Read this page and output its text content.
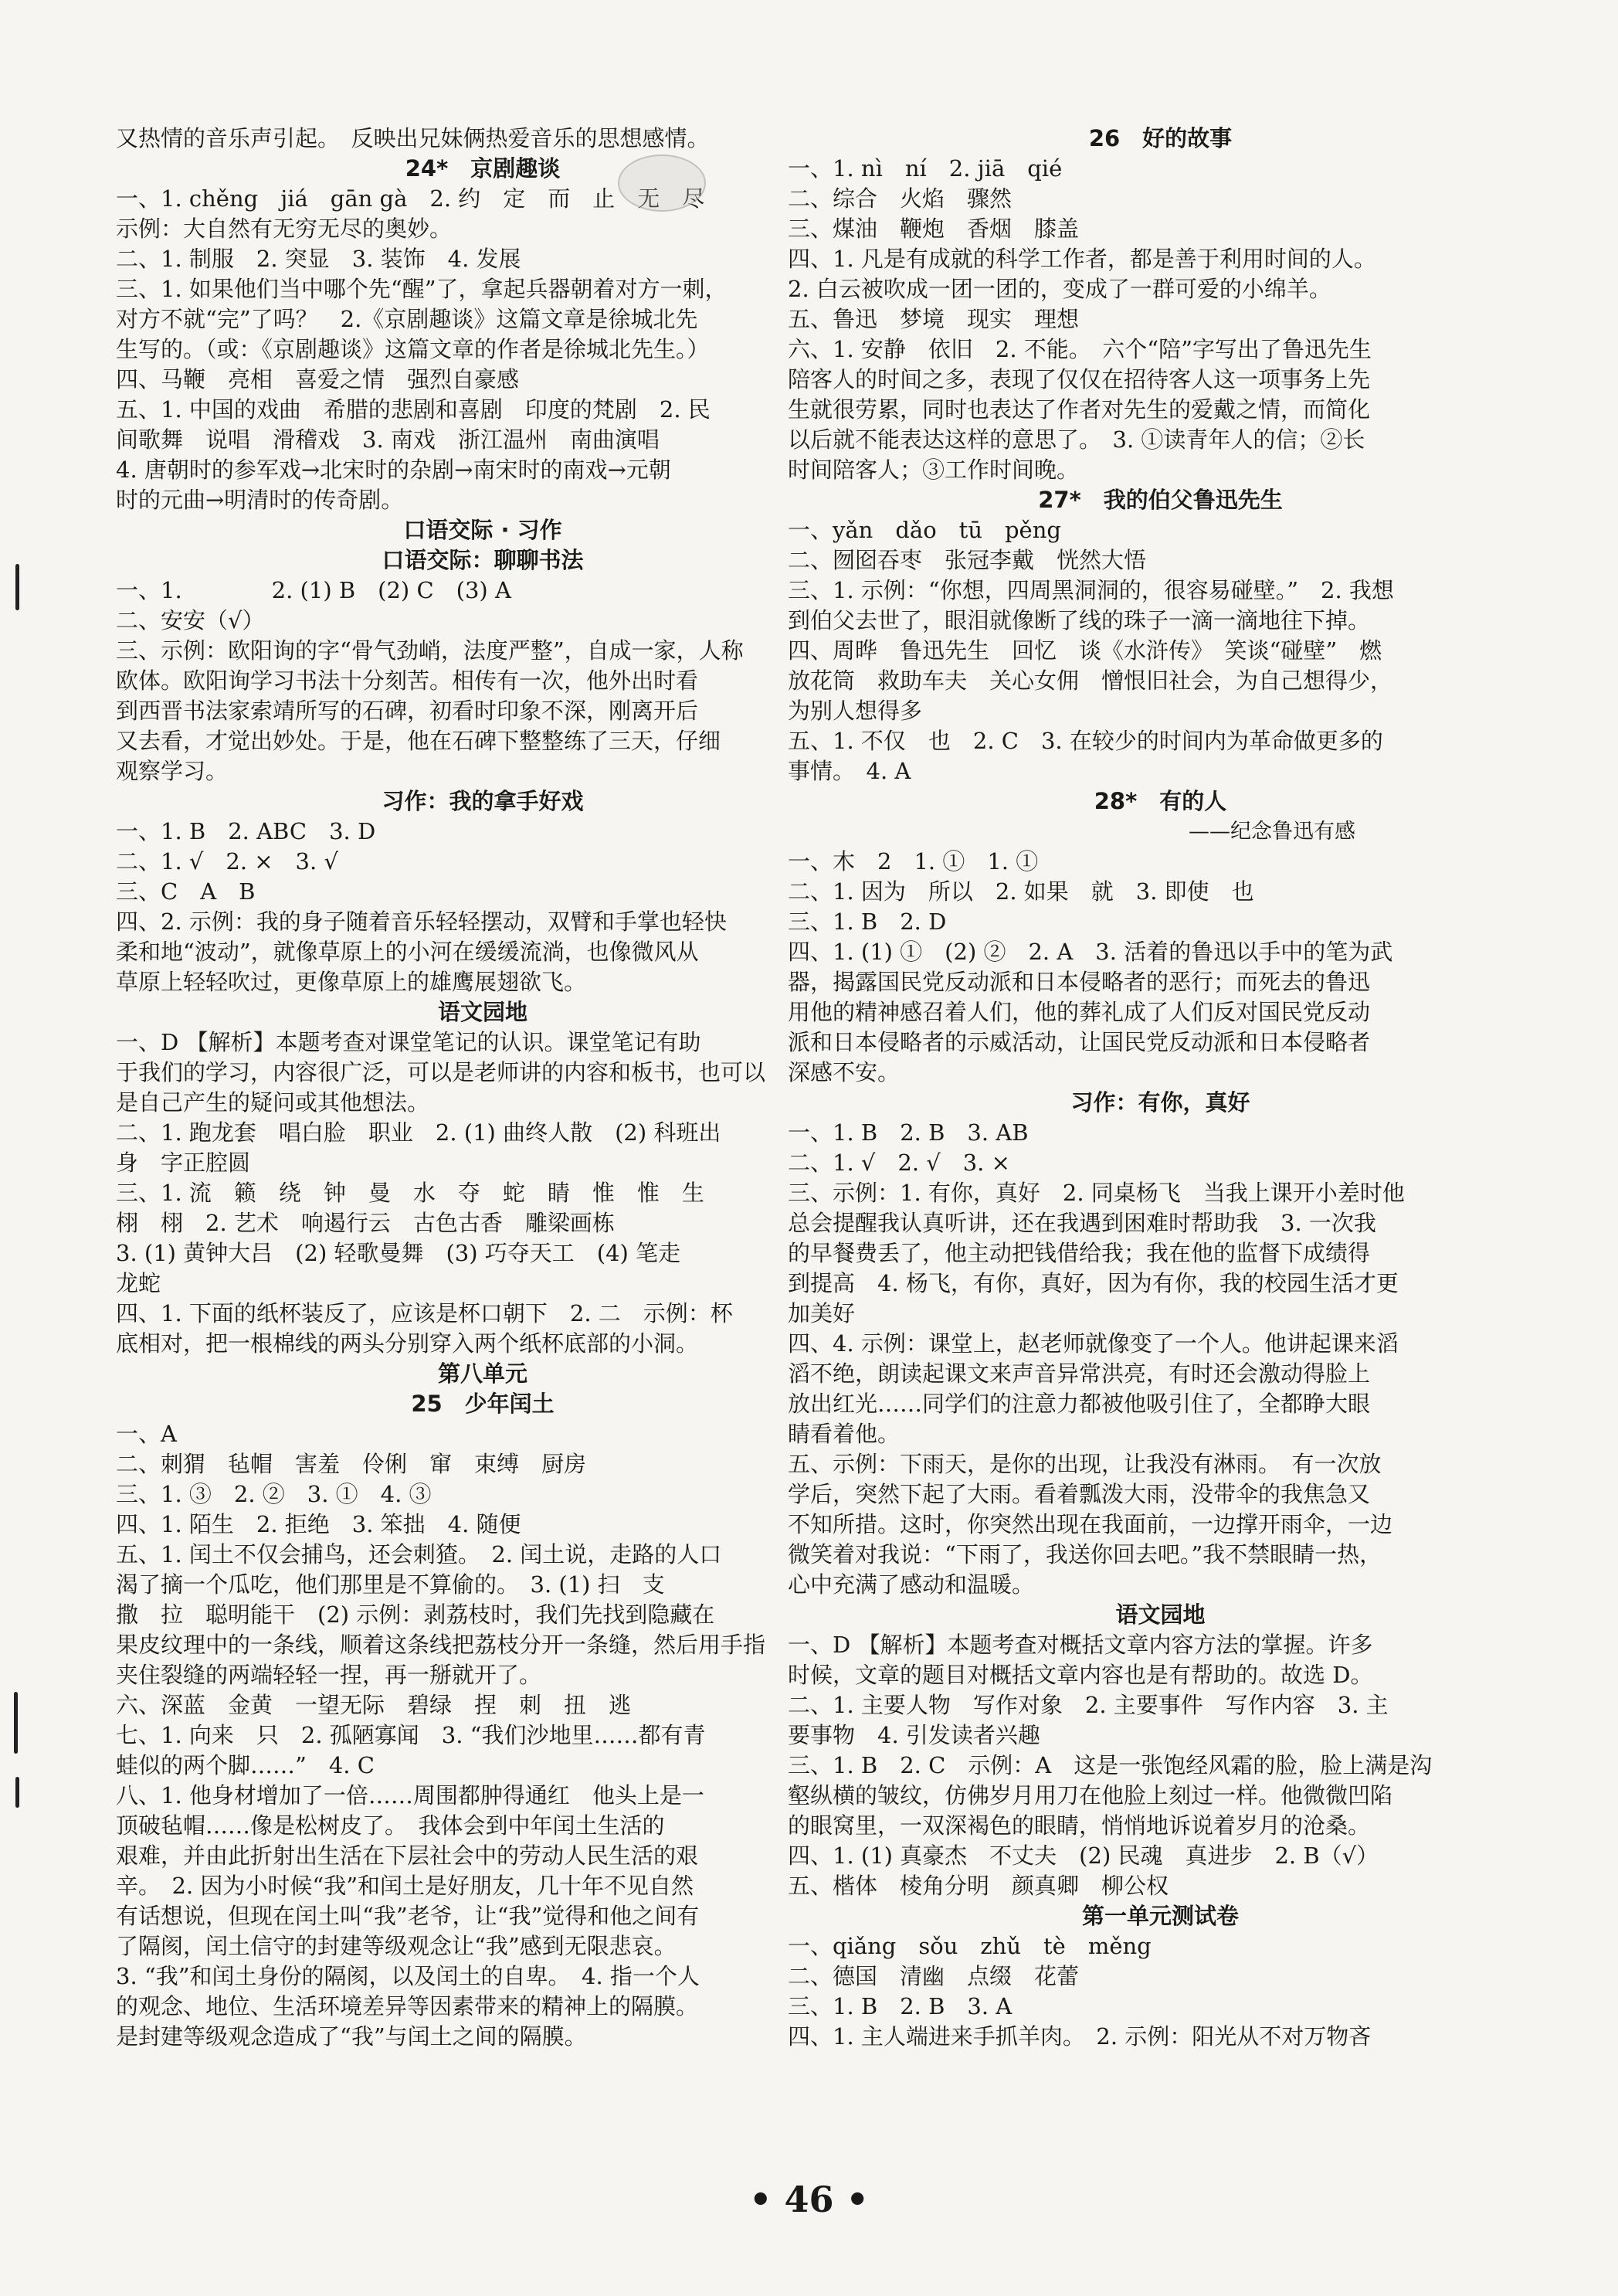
又热情的音乐声引起。　反映出兄妹俩热爱音乐的思想感情。
24*　京剧趣谈
一、1. chěng　jiá　gān gà　2. 约　定　而　止　无　尽
示例：大自然有无穷无尽的奥妙。
二、1. 制服　2. 突显　3. 装饰　4. 发展
三、1. 如果他们当中哪个先“醒”了，拿起兵器朝着对方一刺，
对方不就“完”了吗？　2.《京剧趣谈》这篇文章是徐城北先
生写的。（或：《京剧趣谈》这篇文章的作者是徐城北先生。）
四、马鞭　亮相　喜爱之情　强烈自豪感
五、1. 中国的戏曲　希腊的悲剧和喜剧　印度的梵剧　2. 民
间歌舞　说唱　滑稽戏　3. 南戏　浙江温州　南曲演唱
4. 唐朝时的参军戏→北宋时的杂剧→南宋时的南戏→元朝
时的元曲→明清时的传奇剧。
口语交际 · 习作
口语交际：聊聊书法
一、1.　　　　2. (1) B　(2) C　(3) A
二、安安（√）
三、示例：欧阳询的字“骨气劲峭，法度严整”，自成一家，人称
欧体。欧阳询学习书法十分刻苦。相传有一次，他外出时看
到西晋书法家索靖所写的石碑，初看时印象不深，刚离开后
又去看，才觉出妙处。于是，他在石碑下整整练了三天，仔细
观察学习。
习作：我的拿手好戏
一、1. B　2. ABC　3. D
二、1. √　2. ×　3. √
三、C　A　B
四、2. 示例：我的身子随着音乐轻轻摆动，双臂和手掌也轻快
柔和地“波动”，就像草原上的小河在缓缓流淌，也像微风从
草原上轻轻吹过，更像草原上的雄鹰展翅欲飞。
语文园地
一、D 【解析】本题考查对课堂笔记的认识。课堂笔记有助
于我们的学习，内容很广泛，可以是老师讲的内容和板书，也可以
是自己产生的疑问或其他想法。
二、1. 跑龙套　唱白脸　职业　2. (1) 曲终人散　(2) 科班出
身　字正腔圆
三、1. 流　籁　绕　钟　曼　水　夺　蛇　睛　惟　惟　生
栩　栩　2. 艺术　响遏行云　古色古香　雕梁画栋
3. (1) 黄钟大吕　(2) 轻歌曼舞　(3) 巧夺天工　(4) 笔走
龙蛇
四、1. 下面的纸杯装反了，应该是杯口朝下　2. 二　示例：杯
底相对，把一根棉线的两头分别穿入两个纸杯底部的小洞。
第八单元
25　少年闰土
一、A
二、刺猬　毡帽　害羞　伶俐　窜　束缚　厨房
三、1. ③　2. ②　3. ①　4. ③
四、1. 陌生　2. 拒绝　3. 笨拙　4. 随便
五、1. 闰土不仅会捕鸟，还会刺猹。　2. 闰土说，走路的人口
渴了摘一个瓜吃，他们那里是不算偷的。　3. (1) 扫　支
撒　拉　聪明能干　(2) 示例：剥荔枝时，我们先找到隐藏在
果皮纹理中的一条线，顺着这条线把荔枝分开一条缝，然后用手指
夹住裂缝的两端轻轻一捏，再一掰就开了。
六、深蓝　金黄　一望无际　碧绿　捏　刺　扭　逃
七、1. 向来　只　2. 孤陋寡闻　3. “我们沙地里……都有青
蛙似的两个脚……”　4. C
八、1. 他身材增加了一倍……周围都肿得通红　他头上是一
顶破毡帽……像是松树皮了。　我体会到中年闰土生活的
艰难，并由此折射出生活在下层社会中的劳动人民生活的艰
辛。　2. 因为小时候“我”和闰土是好朋友，几十年不见自然
有话想说，但现在闰土叫“我”老爷，让“我”觉得和他之间有
了隔阂，闰土信守的封建等级观念让“我”感到无限悲哀。
3. “我”和闰土身份的隔阂，以及闰土的自卑。　4. 指一个人
的观念、地位、生活环境差异等因素带来的精神上的隔膜。
是封建等级观念造成了“我”与闰土之间的隔膜。
26　好的故事
一、1. nì　ní　2. jiā　qié
二、综合　火焰　骤然
三、煤油　鞭炮　香烟　膝盖
四、1. 凡是有成就的科学工作者，都是善于利用时间的人。
2. 白云被吹成一团一团的，变成了一群可爱的小绵羊。
五、鲁迅　梦境　现实　理想
六、1. 安静　依旧　2. 不能。　六个“陪”字写出了鲁迅先生
陪客人的时间之多，表现了仅仅在招待客人这一项事务上先
生就很劳累，同时也表达了作者对先生的爱戴之情，而简化
以后就不能表达这样的意思了。　3. ①读青年人的信；②长
时间陪客人；③工作时间晚。
27*　我的伯父鲁迅先生
一、yǎn　dǎo　tū　pěng
二、囫囵吞枣　张冠李戴　恍然大悟
三、1. 示例：“你想，四周黑洞洞的，很容易碰壁。”　2. 我想
到伯父去世了，眼泪就像断了线的珠子一滴一滴地往下掉。
四、周晔　鲁迅先生　回忆　谈《水浒传》　笑谈“碰壁”　燃
放花筒　救助车夫　关心女佣　憎恨旧社会，为自己想得少，
为别人想得多
五、1. 不仅　也　2. C　3. 在较少的时间内为革命做更多的
事情。　4. A
28*　有的人
——纪念鲁迅有感
一、木　2　1. ①　1. ①
二、1. 因为　所以　2. 如果　就　3. 即使　也
三、1. B　2. D
四、1. (1) ①　(2) ②　2. A　3. 活着的鲁迅以手中的笔为武
器，揭露国民党反动派和日本侵略者的恶行；而死去的鲁迅
用他的精神感召着人们，他的葬礼成了人们反对国民党反动
派和日本侵略者的示威活动，让国民党反动派和日本侵略者
深感不安。
习作：有你，真好
一、1. B　2. B　3. AB
二、1. √　2. √　3. ×
三、示例：1. 有你，真好　2. 同桌杨飞　当我上课开小差时他
总会提醒我认真听讲，还在我遇到困难时帮助我　3. 一次我
的早餐费丢了，他主动把钱借给我；我在他的监督下成绩得
到提高　4. 杨飞，有你，真好，因为有你，我的校园生活才更
加美好
四、4. 示例：课堂上，赵老师就像变了一个人。他讲起课来滔
滔不绝，朗读起课文来声音异常洪亮，有时还会激动得脸上
放出红光……同学们的注意力都被他吸引住了，全都睁大眼
睛看着他。
五、示例：下雨天，是你的出现，让我没有淋雨。　有一次放
学后，突然下起了大雨。看着瓢泼大雨，没带伞的我焦急又
不知所措。这时，你突然出现在我面前，一边撑开雨伞，一边
微笑着对我说：“下雨了，我送你回去吧。”我不禁眼睛一热，
心中充满了感动和温暖。
语文园地
一、D 【解析】本题考查对概括文章内容方法的掌握。许多
时候，文章的题目对概括文章内容也是有帮助的。故选 D。
二、1. 主要人物　写作对象　2. 主要事件　写作内容　3. 主
要事物　4. 引发读者兴趣
三、1. B　2. C　示例：A　这是一张饱经风霜的脸，脸上满是沟
壑纵横的皱纹，仿佛岁月用刀在他脸上刻过一样。他微微凹陷
的眼窝里，一双深褐色的眼睛，悄悄地诉说着岁月的沧桑。
四、1. (1) 真豪杰　不丈夫　(2) 民魂　真进步　2. B（√）
五、楷体　棱角分明　颜真卿　柳公权
第一单元测试卷
一、qiǎng　sǒu　zhǔ　tè　měng
二、德国　清幽　点缀　花蕾
三、1. B　2. B　3. A
四、1. 主人端进来手抓羊肉。　2. 示例：阳光从不对万物吝
• 46 •
